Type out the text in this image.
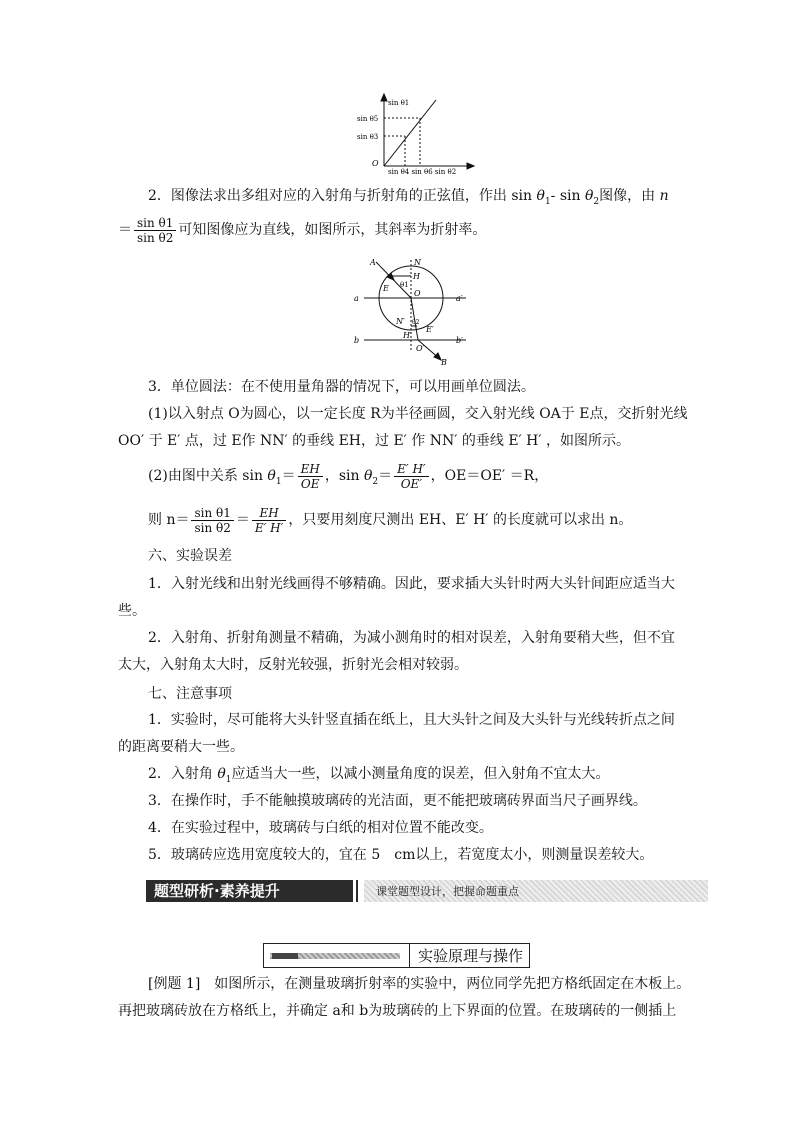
sin θ1
sin θ5
sin θ3
O
sin θ4 sin θ6 sin θ2
2．图像法求出多组对应的入射角与折射角的正弦值，作出 $\sin \theta_1-$ $\sin \theta_2$图像，由 n
＝ $\frac{\text{sin θ1}}{\text{sin θ2}}$ 可知图像应为直线，如图所示，其斜率为折射率。
A	N
H
E θ1
O
a	a′
N′ θ2
E′
b
H′
b′
O′
B
3．单位圆法：在不使用量角器的情况下，可以用画单位圆法。
(1)以入射点 O为圆心，以一定长度 R为半径画圆，交入射光线 OA于 E点，交折射光线
OO′ 于 E′ 点，过 E作 NN′ 的垂线 EH，过 E′ 作 NN′ 的垂线 E′ H′ ，如图所示。
(2)由图中关系 $\sin \theta_1= \frac{EH}{OE}$ ，$\sin \theta_2= \frac{E' H'}{OE'}$ ，OE＝OE′ ＝R，
则 $n= \frac{\text{sin θ1}}{\text{sin θ2}} = \frac{EH}{E' H'}$ ，只要用刻度尺测出 EH、E′ H′ 的长度就可以求出 n。
六、实验误差
1．入射光线和出射光线画得不够精确。因此，要求插大头针时两大头针间距应适当大
些。
2．入射角、折射角测量不精确，为减小测角时的相对误差，入射角要稍大些，但不宜
太大，入射角太大时，反射光较强，折射光会相对较弱。
七、注意事项
1．实验时，尽可能将大头针竖直插在纸上，且大头针之间及大头针与光线转折点之间
的距离要稍大一些。
2．入射角 $\theta_1$应适当大一些，以减小测量角度的误差，但入射角不宜太大。
3．在操作时，手不能触摸玻璃砖的光洁面，更不能把玻璃砖界面当尺子画界线。
4．在实验过程中，玻璃砖与白纸的相对位置不能改变。
5．玻璃砖应选用宽度较大的，宜在 5　cm以上，若宽度太小，则测量误差较大。
题型研析·素养提升	课堂题型设计，把握命题重点
实验原理与操作
[例题 1]　如图所示，在测量玻璃折射率的实验中，两位同学先把方格纸固定在木板上。
再把玻璃砖放在方格纸上，并确定 a和 b为玻璃砖的上下界面的位置。在玻璃砖的一侧插上
